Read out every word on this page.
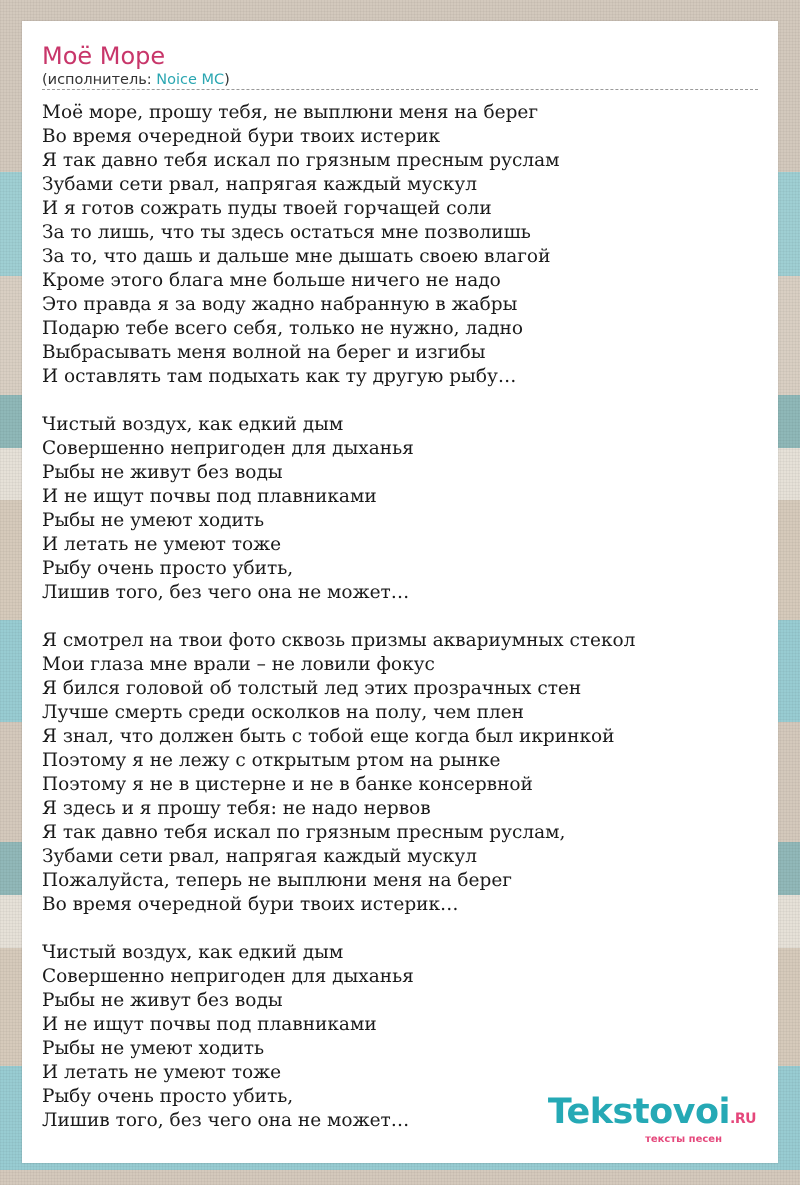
Моё Море
(исполнитель: Noice MC)
Моё море, прошу тебя, не выплюни меня на берег
Во время очередной бури твоих истерик
Я так давно тебя искал по грязным пресным руслам
Зубами сети рвал, напрягая каждый мускул
И я готов сожрать пуды твоей горчащей соли
За то лишь, что ты здесь остаться мне позволишь
За то, что дашь и дальше мне дышать своею влагой
Кроме этого блага мне больше ничего не надо
Это правда я за воду жадно набранную в жабры
Подарю тебе всего себя, только не нужно, ладно
Выбрасывать меня волной на берег и изгибы
И оставлять там подыхать как ту другую рыбу…
Чистый воздух, как едкий дым
Совершенно непригоден для дыханья
Рыбы не живут без воды
И не ищут почвы под плавниками
Рыбы не умеют ходить
И летать не умеют тоже
Рыбу очень просто убить,
Лишив того, без чего она не может…
Я смотрел на твои фото сквозь призмы аквариумных стекол
Мои глаза мне врали – не ловили фокус
Я бился головой об толстый лед этих прозрачных стен
Лучше смерть среди осколков на полу, чем плен
Я знал, что должен быть с тобой еще когда был икринкой
Поэтому я не лежу с открытым ртом на рынке
Поэтому я не в цистерне и не в банке консервной
Я здесь и я прошу тебя: не надо нервов
Я так давно тебя искал по грязным пресным руслам,
Зубами сети рвал, напрягая каждый мускул
Пожалуйста, теперь не выплюни меня на берег
Во время очередной бури твоих истерик…
Чистый воздух, как едкий дым
Совершенно непригоден для дыханья
Рыбы не живут без воды
И не ищут почвы под плавниками
Рыбы не умеют ходить
И летать не умеют тоже
Рыбу очень просто убить,
Лишив того, без чего она не может…	Tekstovoi.RU
тексты песен
